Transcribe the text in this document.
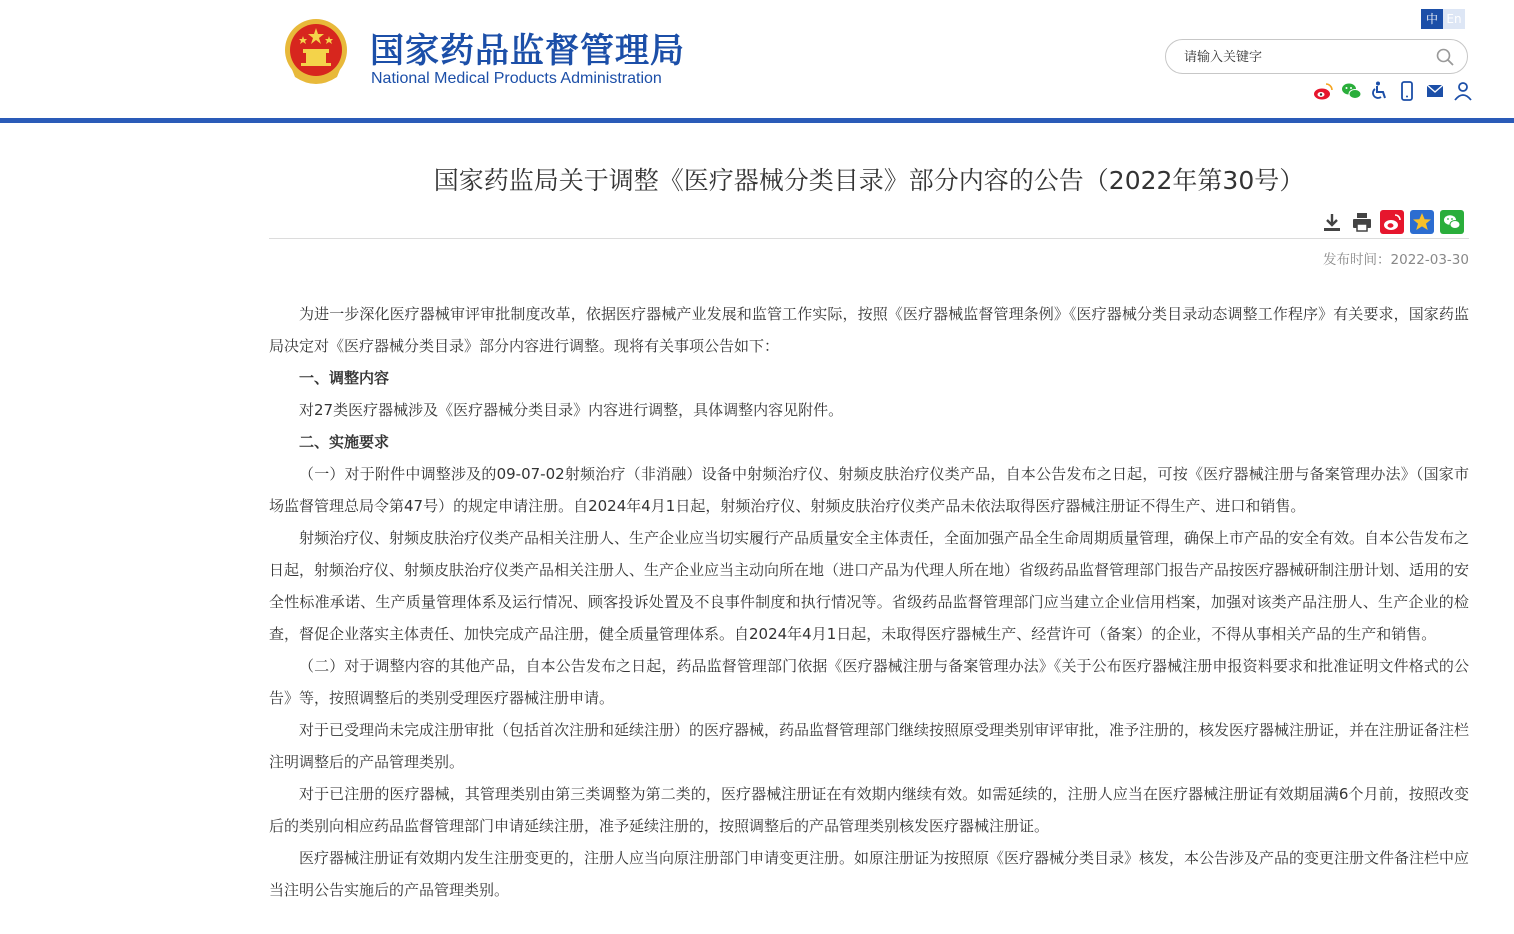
国家药品监督管理局
National Medical Products Administration
中 En
请输入关键字
国家药监局关于调整《医疗器械分类目录》部分内容的公告（2022年第30号）
发布时间：2022-03-30

为进一步深化医疗器械审评审批制度改革，依据医疗器械产业发展和监管工作实际，按照《医疗器械监督管理条例》《医疗器械分类目录动态调整工作程序》有关要求，国家药监局决定对《医疗器械分类目录》部分内容进行调整。现将有关事项公告如下：

一、调整内容

对27类医疗器械涉及《医疗器械分类目录》内容进行调整，具体调整内容见附件。

二、实施要求

（一）对于附件中调整涉及的09-07-02射频治疗（非消融）设备中射频治疗仪、射频皮肤治疗仪类产品，自本公告发布之日起，可按《医疗器械注册与备案管理办法》（国家市场监督管理总局令第47号）的规定申请注册。自2024年4月1日起，射频治疗仪、射频皮肤治疗仪类产品未依法取得医疗器械注册证不得生产、进口和销售。

射频治疗仪、射频皮肤治疗仪类产品相关注册人、生产企业应当切实履行产品质量安全主体责任，全面加强产品全生命周期质量管理，确保上市产品的安全有效。自本公告发布之日起，射频治疗仪、射频皮肤治疗仪类产品相关注册人、生产企业应当主动向所在地（进口产品为代理人所在地）省级药品监督管理部门报告产品按医疗器械研制注册计划、适用的安全性标准承诺、生产质量管理体系及运行情况、顾客投诉处置及不良事件制度和执行情况等。省级药品监督管理部门应当建立企业信用档案，加强对该类产品注册人、生产企业的检查，督促企业落实主体责任、加快完成产品注册，健全质量管理体系。自2024年4月1日起，未取得医疗器械生产、经营许可（备案）的企业，不得从事相关产品的生产和销售。

（二）对于调整内容的其他产品，自本公告发布之日起，药品监督管理部门依据《医疗器械注册与备案管理办法》《关于公布医疗器械注册申报资料要求和批准证明文件格式的公告》等，按照调整后的类别受理医疗器械注册申请。

对于已受理尚未完成注册审批（包括首次注册和延续注册）的医疗器械，药品监督管理部门继续按照原受理类别审评审批，准予注册的，核发医疗器械注册证，并在注册证备注栏注明调整后的产品管理类别。

对于已注册的医疗器械，其管理类别由第三类调整为第二类的，医疗器械注册证在有效期内继续有效。如需延续的，注册人应当在医疗器械注册证有效期届满6个月前，按照改变后的类别向相应药品监督管理部门申请延续注册，准予延续注册的，按照调整后的产品管理类别核发医疗器械注册证。

医疗器械注册证有效期内发生注册变更的，注册人应当向原注册部门申请变更注册。如原注册证为按照原《医疗器械分类目录》核发，本公告涉及产品的变更注册文件备注栏中应当注明公告实施后的产品管理类别。
